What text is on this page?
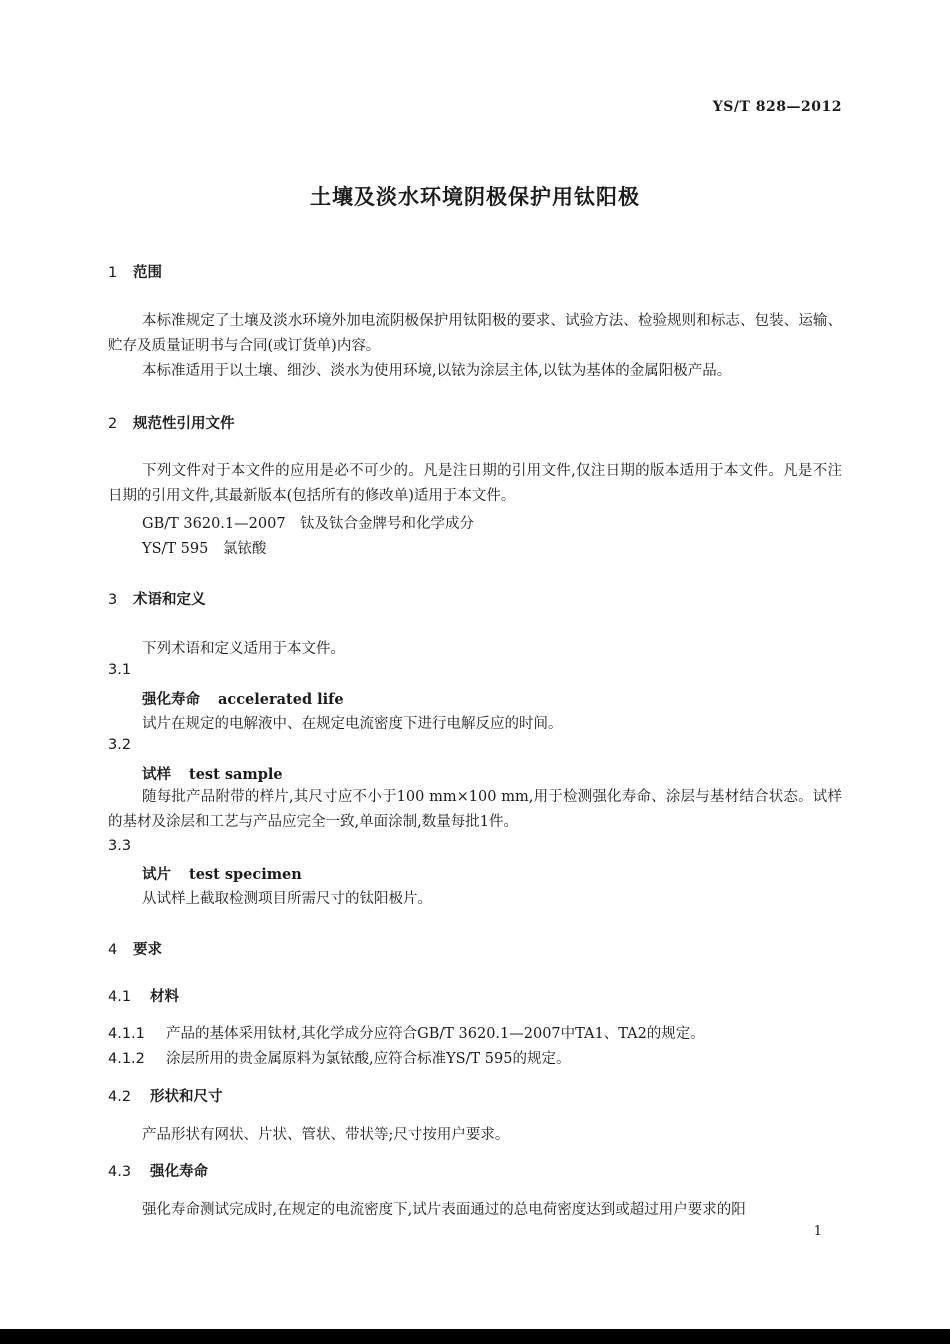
YS/T 828—2012
土壤及淡水环境阴极保护用钛阳极
1 范围
本标准规定了土壤及淡水环境外加电流阴极保护用钛阳极的要求、试验方法、检验规则和标志、包装、运输、贮存及质量证明书与合同(或订货单)内容。
本标准适用于以土壤、细沙、淡水为使用环境,以铱为涂层主体,以钛为基体的金属阳极产品。
2 规范性引用文件
下列文件对于本文件的应用是必不可少的。凡是注日期的引用文件,仅注日期的版本适用于本文件。凡是不注日期的引用文件,其最新版本(包括所有的修改单)适用于本文件。
GB/T 3620.1—2007　钛及钛合金牌号和化学成分
YS/T 595　氯铱酸
3 术语和定义
下列术语和定义适用于本文件。
3.1
强化寿命 accelerated life
试片在规定的电解液中、在规定电流密度下进行电解反应的时间。
3.2
试样 test sample
随每批产品附带的样片,其尺寸应不小于100 mm×100 mm,用于检测强化寿命、涂层与基材结合状态。试样的基材及涂层和工艺与产品应完全一致,单面涂制,数量每批1件。
3.3
试片 test specimen
从试样上截取检测项目所需尺寸的钛阳极片。
4 要求
4.1 材料
4.1.1 产品的基体采用钛材,其化学成分应符合GB/T 3620.1—2007中TA1、TA2的规定。
4.1.2 涂层所用的贵金属原料为氯铱酸,应符合标准YS/T 595的规定。
4.2 形状和尺寸
产品形状有网状、片状、管状、带状等;尺寸按用户要求。
4.3 强化寿命
强化寿命测试完成时,在规定的电流密度下,试片表面通过的总电荷密度达到或超过用户要求的阳
1
